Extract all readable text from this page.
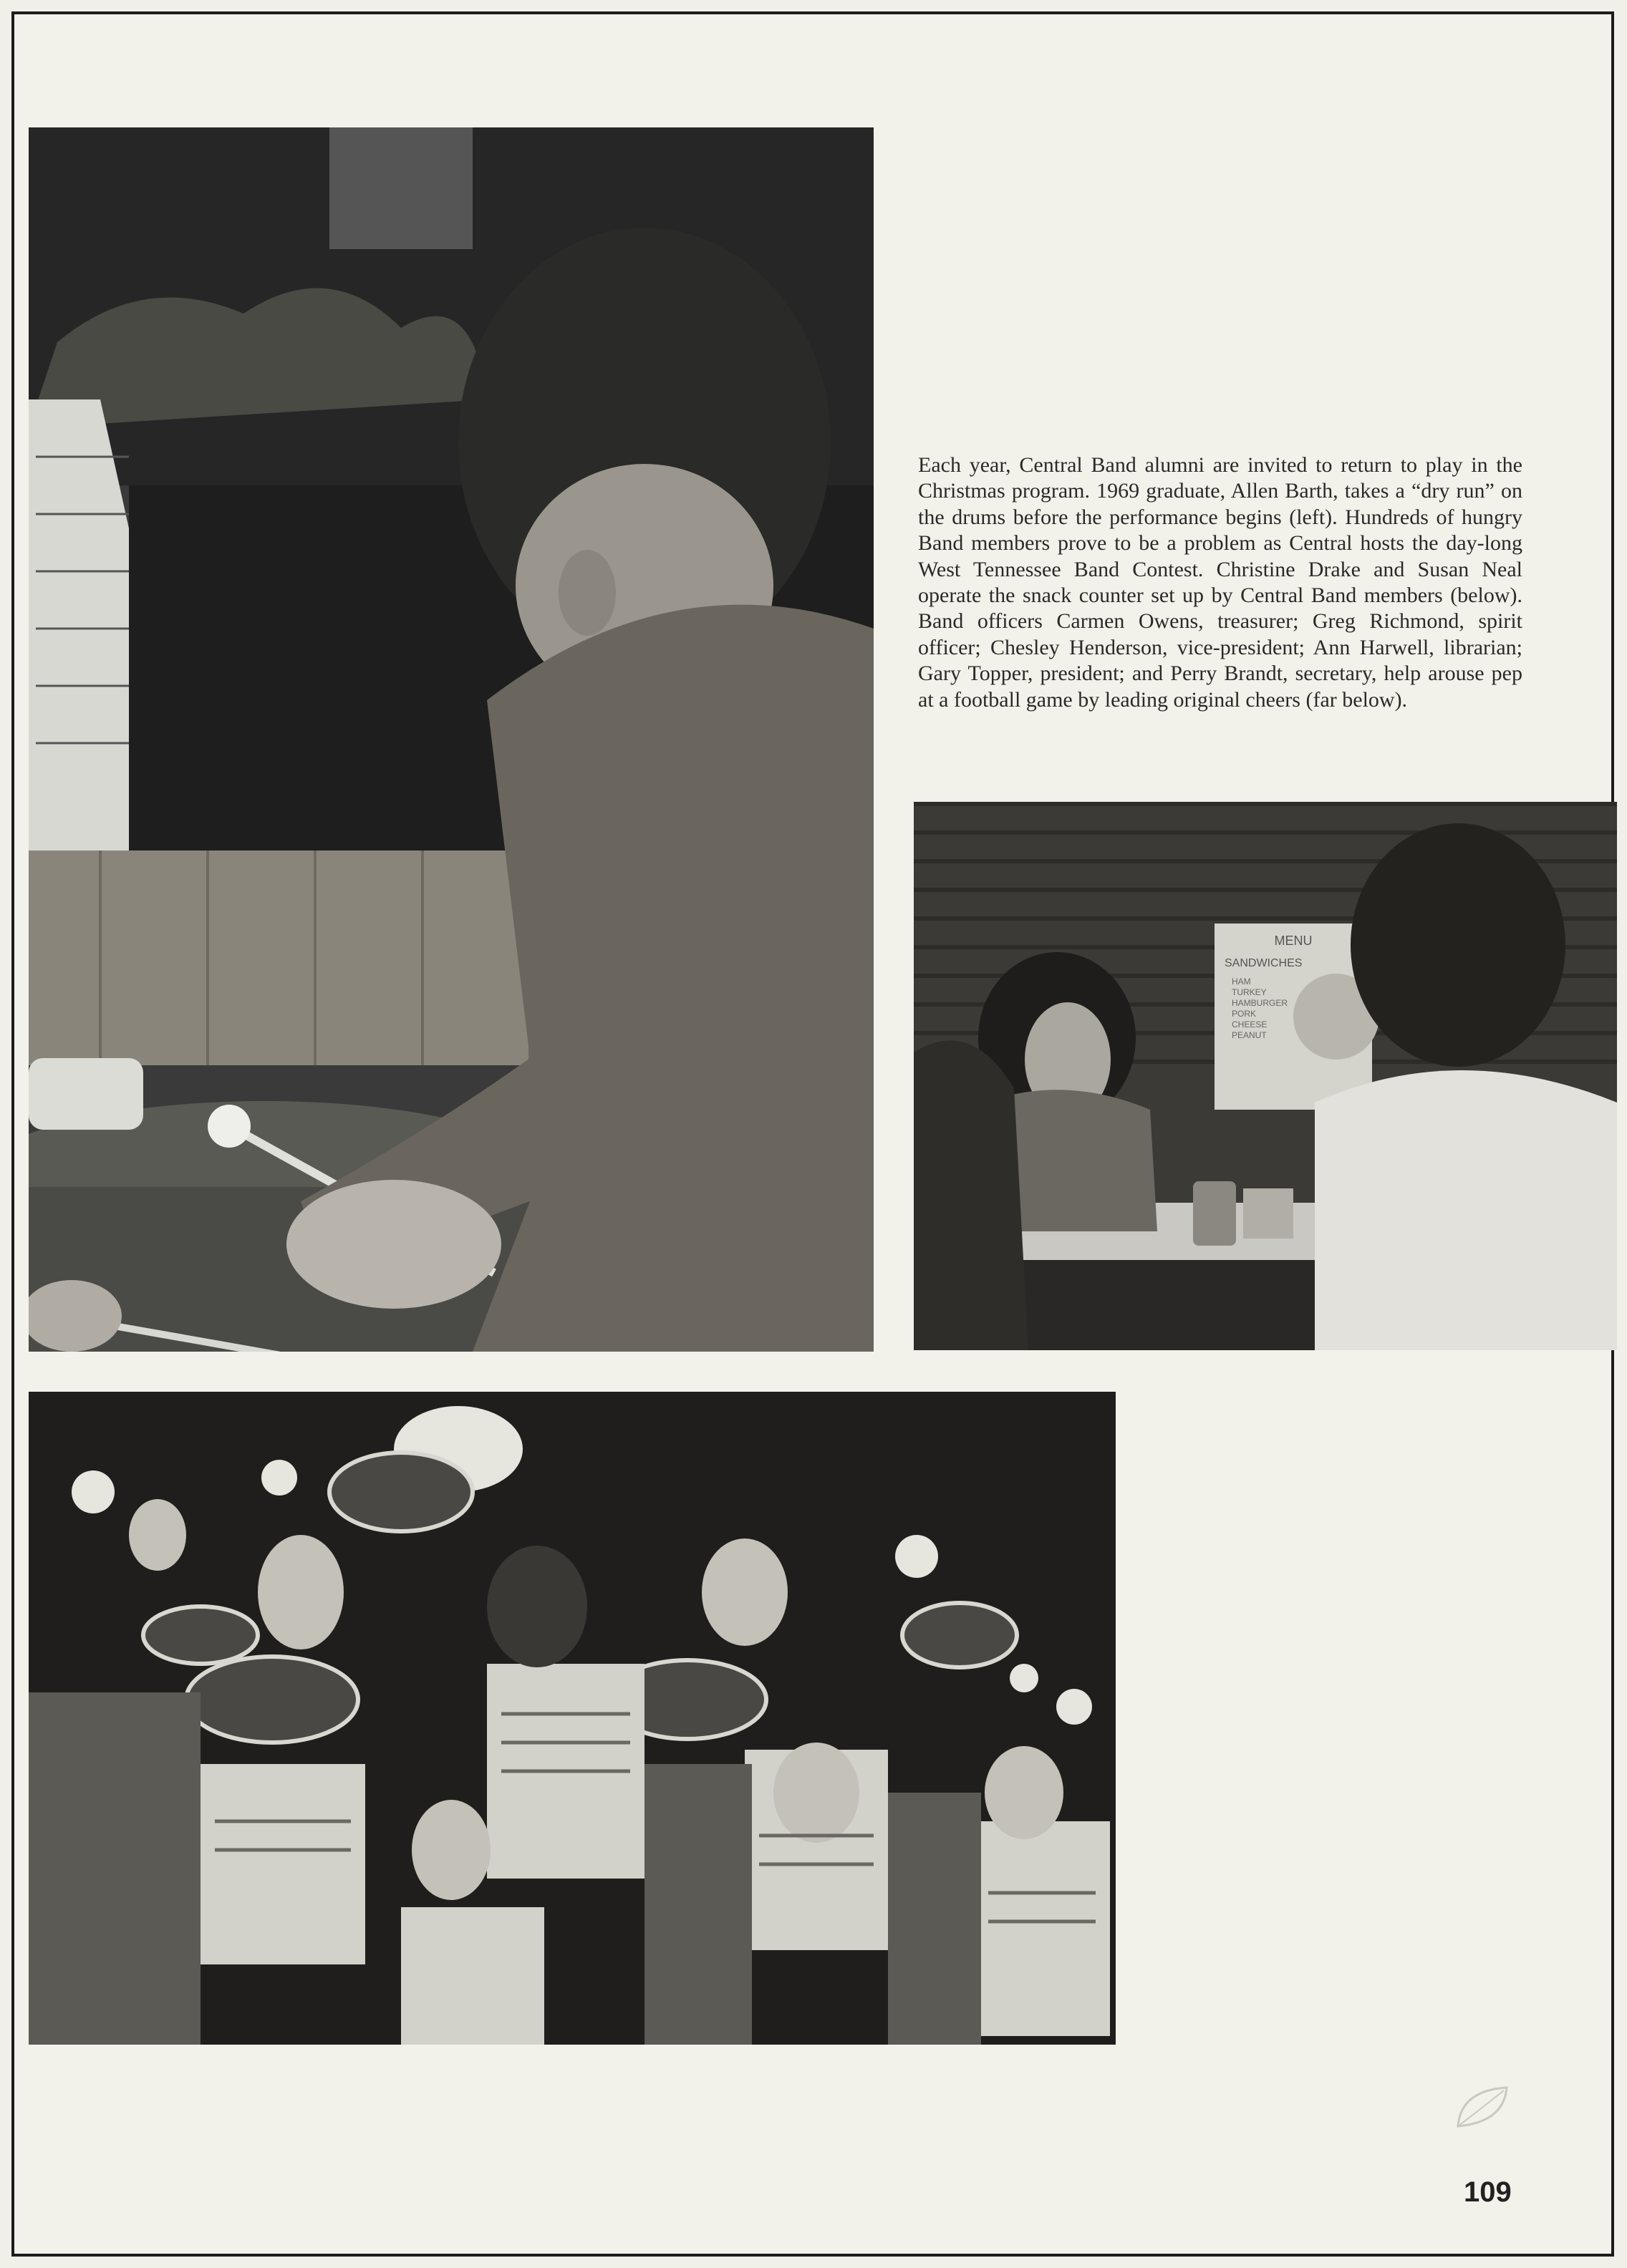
Each year, Central Band alumni are invited to return to play in the Christmas program. 1969 graduate, Allen Barth, takes a “dry run” on the drums before the performance begins (left). Hundreds of hungry Band members prove to be a problem as Central hosts the day-long West Tennessee Band Contest. Christine Drake and Susan Neal operate the snack counter set up by Central Band members (below). Band officers Carmen Owens, treasurer; Greg Richmond, spirit officer; Chesley Henderson, vice-president; Ann Harwell, librarian; Gary Topper, president; and Perry Brandt, secretary, help arouse pep at a football game by leading original cheers (far below).
MENU
SANDWICHES
HAM
TURKEY
HAMBURGER
PORK
CHEESE
PEANUT
109
